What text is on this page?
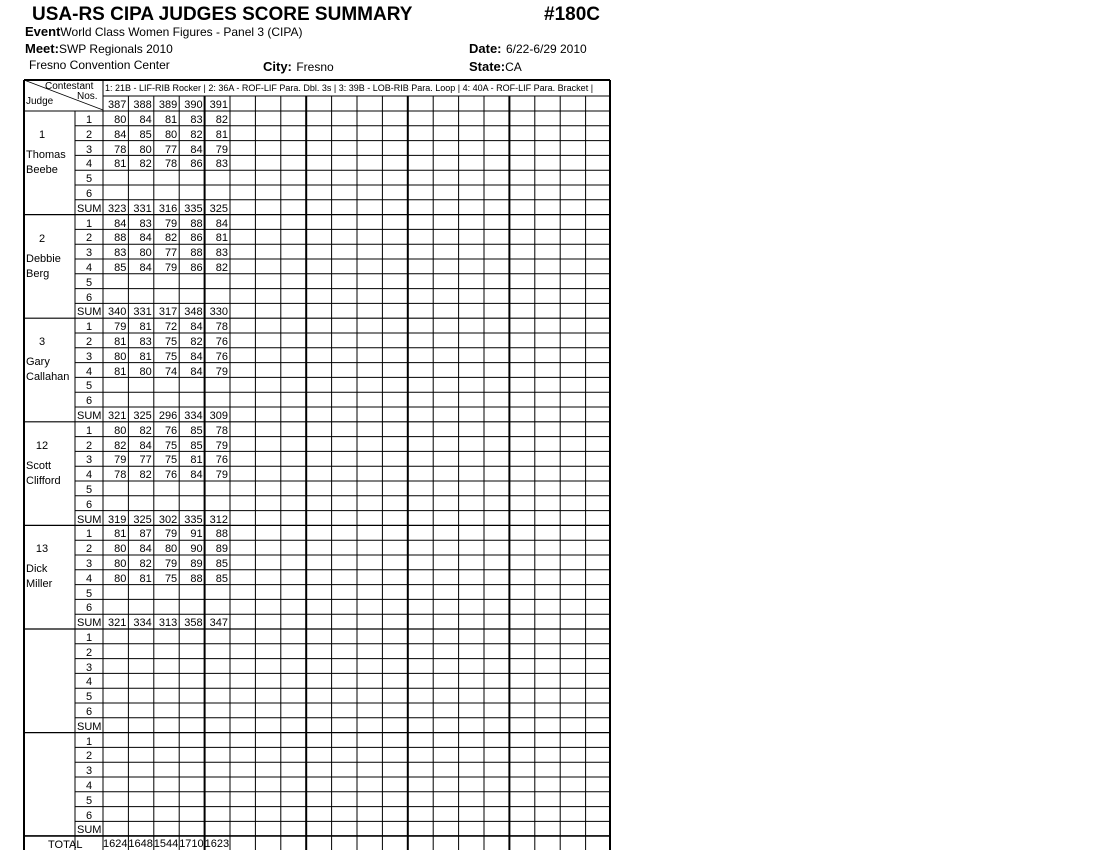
USA-RS CIPA JUDGES SCORE SUMMARY	#180C
EventWorld Class Women Figures - Panel 3 (CIPA)
Meet:SWP Regionals 2010	Date: 6/22-6/29 2010
Fresno Convention Center	City: Fresno	State:CA
Contestant
Nos.
Judge
1: 21B - LIF-RIB Rocker | 2: 36A - ROF-LIF Para. Dbl. 3s | 3: 39B - LOB-RIB Para. Loop | 4: 40A - ROF-LIF Para. Bracket |
387 388 389 390 391
1
Thomas
Beebe
1	80	84	81	83	82
2	84	85	80	82	81
3	78	80	77	84	79
4	81	82	78	86	83
5
6
SUM 323 331 316 335 325
2
Debbie
Berg
1	84	83	79	88	84
2	88	84	82	86	81
3	83	80	77	88	83
4	85	84	79	86	82
5
6
SUM 340 331 317 348 330
3
Gary
Callahan
1	79	81	72	84	78
2	81	83	75	82	76
3	80	81	75	84	76
4	81	80	74	84	79
5
6
SUM 321 325 296 334 309
12
Scott
Clifford
1	80	82	76	85	78
2	82	84	75	85	79
3	79	77	75	81	76
4	78	82	76	84	79
5
6
SUM 319 325 302 335 312
13
Dick
Miller
1	81	87	79	91	88
2	80	84	80	90	89
3	80	82	79	89	85
4	80	81	75	88	85
5
6
SUM 321 334 313 358 347
1
2
3
4
5
6
SUM
1
2
3
4
5
6
SUM
TOTAL 1624 1648 1544 1710 1623
